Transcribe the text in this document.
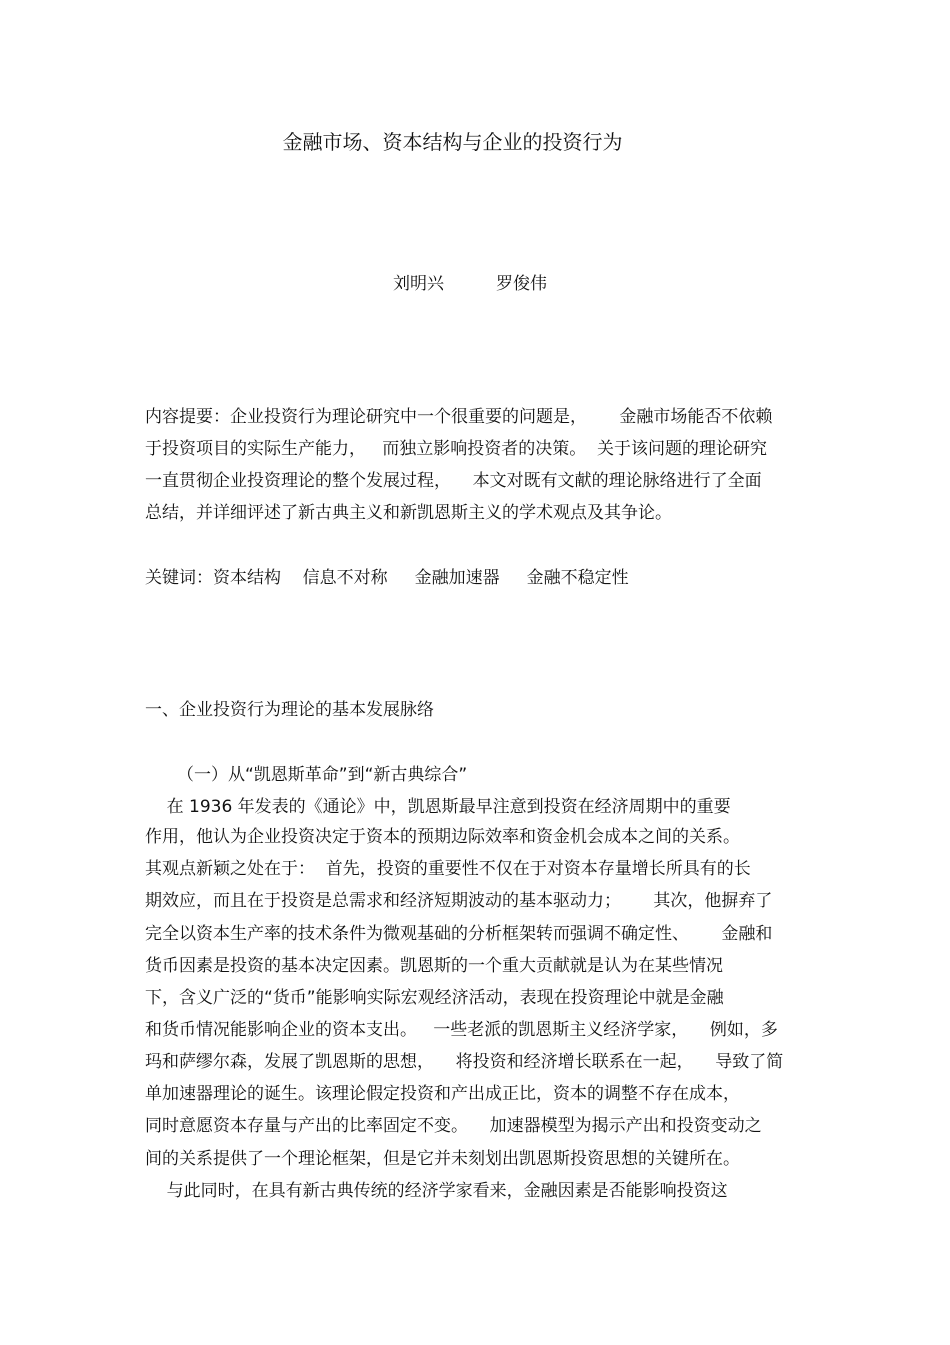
金融市场、资本结构与企业的投资行为
刘明兴	罗俊伟
内容提要：企业投资行为理论研究中一个很重要的问题是，      金融市场能否不依赖
于投资项目的实际生产能力，   而独立影响投资者的决策。  关于该问题的理论研究
一直贯彻企业投资理论的整个发展过程，    本文对既有文献的理论脉络进行了全面
总结，并详细评述了新古典主义和新凯恩斯主义的学术观点及其争论。
关键词：资本结构    信息不对称     金融加速器     金融不稳定性
一、企业投资行为理论的基本发展脉络
（一）从“凯恩斯革命”到“新古典综合”
在 1936 年发表的《通论》中，凯恩斯最早注意到投资在经济周期中的重要
作用，他认为企业投资决定于资本的预期边际效率和资金机会成本之间的关系。
其观点新颖之处在于：  首先，投资的重要性不仅在于对资本存量增长所具有的长
期效应，而且在于投资是总需求和经济短期波动的基本驱动力；      其次，他摒弃了
完全以资本生产率的技术条件为微观基础的分析框架转而强调不确定性、      金融和
货币因素是投资的基本决定因素。凯恩斯的一个重大贡献就是认为在某些情况
下，含义广泛的“货币”能影响实际宏观经济活动，表现在投资理论中就是金融
和货币情况能影响企业的资本支出。   一些老派的凯恩斯主义经济学家，    例如，多
玛和萨缪尔森，发展了凯恩斯的思想，    将投资和经济增长联系在一起，    导致了简
单加速器理论的诞生。该理论假定投资和产出成正比，资本的调整不存在成本，
同时意愿资本存量与产出的比率固定不变。    加速器模型为揭示产出和投资变动之
间的关系提供了一个理论框架，但是它并未刻划出凯恩斯投资思想的关键所在。
与此同时，在具有新古典传统的经济学家看来，金融因素是否能影响投资这
